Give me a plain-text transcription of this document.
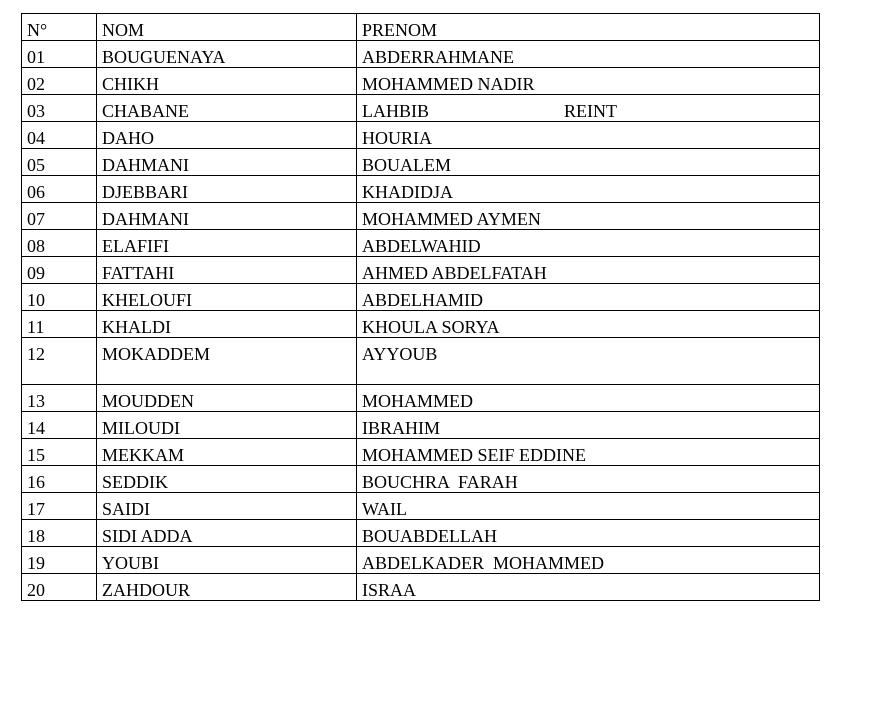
N°	NOM	PRENOM
01	BOUGUENAYA	ABDERRAHMANE
02	CHIKH	MOHAMMED NADIR
03	CHABANE	LAHBIB                              REINT
04	DAHO	HOURIA
05	DAHMANI	BOUALEM
06	DJEBBARI	KHADIDJA
07	DAHMANI	MOHAMMED AYMEN
08	ELAFIFI	ABDELWAHID
09	FATTAHI	AHMED ABDELFATAH
10	KHELOUFI	ABDELHAMID
11	KHALDI	KHOULA SORYA
12	MOKADDEM	AYYOUB
13	MOUDDEN	MOHAMMED
14	MILOUDI	IBRAHIM
15	MEKKAM	MOHAMMED SEIF EDDINE
16	SEDDIK	BOUCHRA  FARAH
17	SAIDI	WAIL
18	SIDI ADDA	BOUABDELLAH
19	YOUBI	ABDELKADER  MOHAMMED
20	ZAHDOUR	ISRAA
